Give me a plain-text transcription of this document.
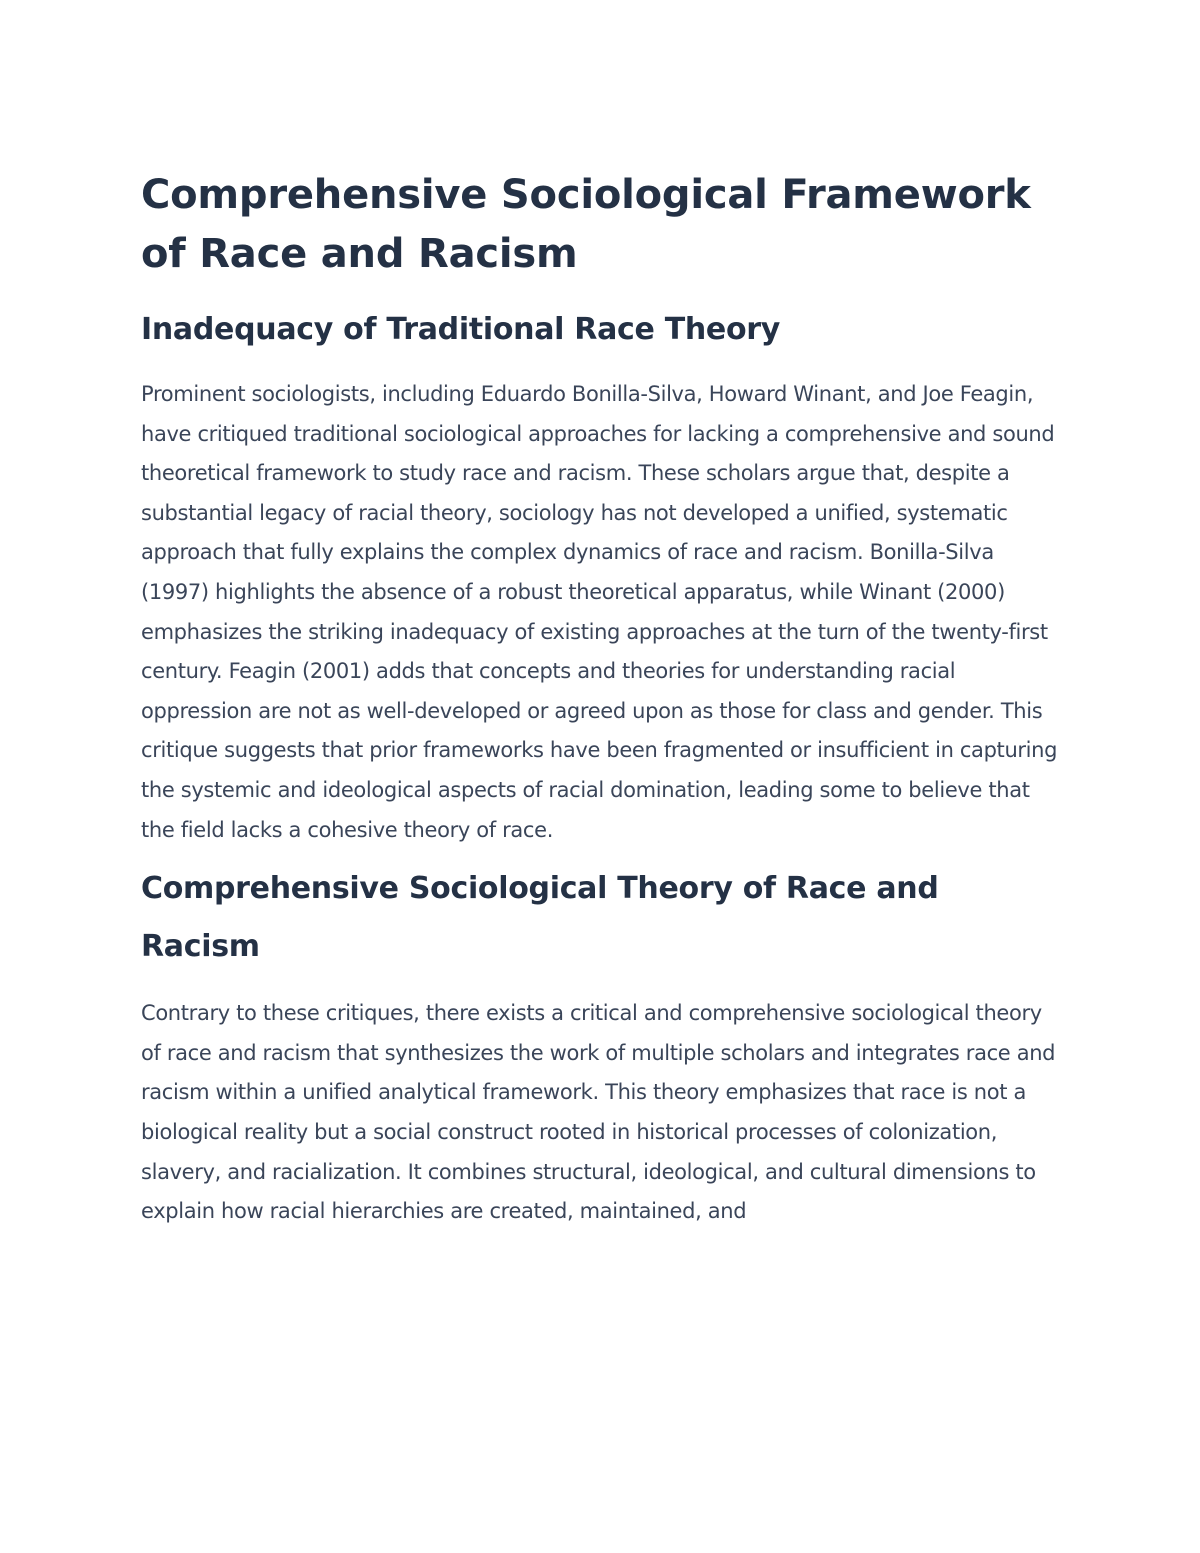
Comprehensive Sociological Framework of Race and Racism
Inadequacy of Traditional Race Theory

Prominent sociologists, including Eduardo Bonilla-Silva, Howard Winant, and Joe Feagin, have critiqued traditional sociological approaches for lacking a comprehensive and sound theoretical framework to study race and racism. These scholars argue that, despite a substantial legacy of racial theory, sociology has not developed a unified, systematic approach that fully explains the complex dynamics of race and racism. Bonilla-Silva (1997) highlights the absence of a robust theoretical apparatus, while Winant (2000) emphasizes the striking inadequacy of existing approaches at the turn of the twenty-first century. Feagin (2001) adds that concepts and theories for understanding racial oppression are not as well-developed or agreed upon as those for class and gender. This critique suggests that prior frameworks have been fragmented or insufficient in capturing the systemic and ideological aspects of racial domination, leading some to believe that the field lacks a cohesive theory of race.

Comprehensive Sociological Theory of Race and Racism

Contrary to these critiques, there exists a critical and comprehensive sociological theory of race and racism that synthesizes the work of multiple scholars and integrates race and racism within a unified analytical framework. This theory emphasizes that race is not a biological reality but a social construct rooted in historical processes of colonization, slavery, and racialization. It combines structural, ideological, and cultural dimensions to explain how racial hierarchies are created, maintained, and
